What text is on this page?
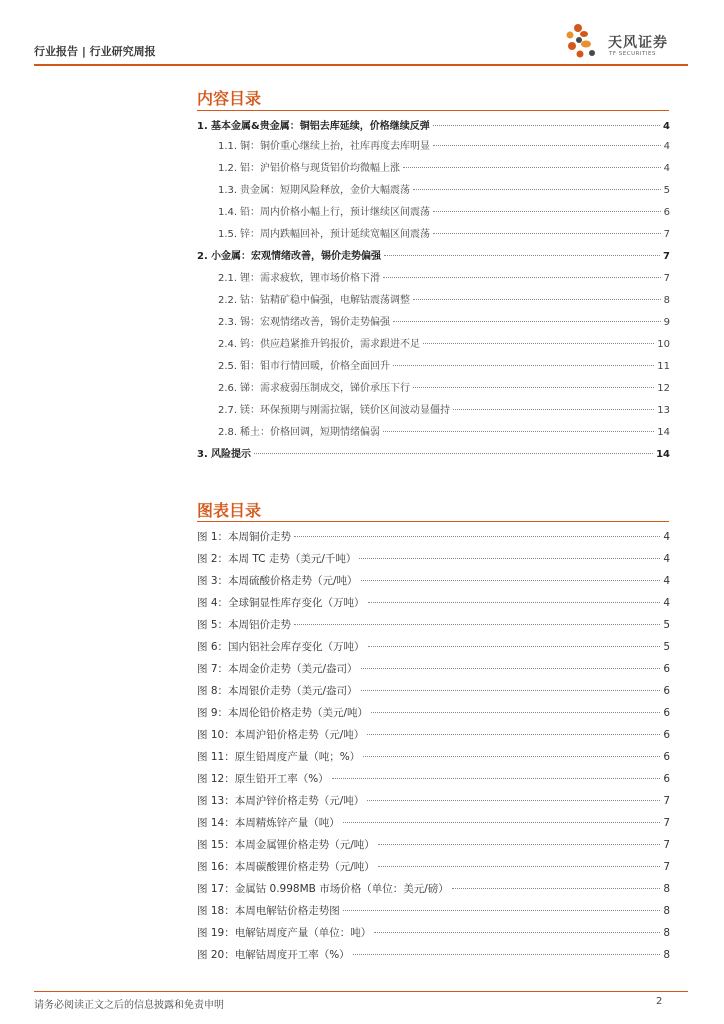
行业报告 | 行业研究周报
天风证券
TF SECURITIES
内容目录
1. 基本金属&贵金属：铜铝去库延续，价格继续反弹	4
1.1. 铜：铜价重心继续上抬，社库再度去库明显	4
1.2. 铝：沪铝价格与现货铝价均微幅上涨	4
1.3. 贵金属：短期风险释放，金价大幅震荡	5
1.4. 铅：周内价格小幅上行，预计继续区间震荡	6
1.5. 锌：周内跌幅回补，预计延续宽幅区间震荡	7
2. 小金属：宏观情绪改善，锡价走势偏强	7
2.1. 锂：需求疲软，锂市场价格下滑	7
2.2. 钴：钴精矿稳中偏强，电解钴震荡调整	8
2.3. 锡：宏观情绪改善，锡价走势偏强	9
2.4. 钨：供应趋紧推升钨报价，需求跟进不足	10
2.5. 钼：钼市行情回暖，价格全面回升	11
2.6. 锑：需求疲弱压制成交，锑价承压下行	12
2.7. 镁：环保预期与刚需拉锯，镁价区间波动显僵持	13
2.8. 稀土：价格回调，短期情绪偏弱	14
3. 风险提示	14
图表目录
图 1：本周铜价走势	4
图 2：本周 TC 走势（美元/千吨）	4
图 3：本周硫酸价格走势（元/吨）	4
图 4：全球铜显性库存变化（万吨）	4
图 5：本周铝价走势	5
图 6：国内铝社会库存变化（万吨）	5
图 7：本周金价走势（美元/盎司）	6
图 8：本周银价走势（美元/盎司）	6
图 9：本周伦铅价格走势（美元/吨）	6
图 10：本周沪铅价格走势（元/吨）	6
图 11：原生铅周度产量（吨；%）	6
图 12：原生铅开工率（%）	6
图 13：本周沪锌价格走势（元/吨）	7
图 14：本周精炼锌产量（吨）	7
图 15：本周金属锂价格走势（元/吨）	7
图 16：本周碳酸锂价格走势（元/吨）	7
图 17：金属钴 0.998MB 市场价格（单位：美元/磅）	8
图 18：本周电解钴价格走势图	8
图 19：电解钴周度产量（单位：吨）	8
图 20：电解钴周度开工率（%）	8
请务必阅读正文之后的信息披露和免责申明	2
